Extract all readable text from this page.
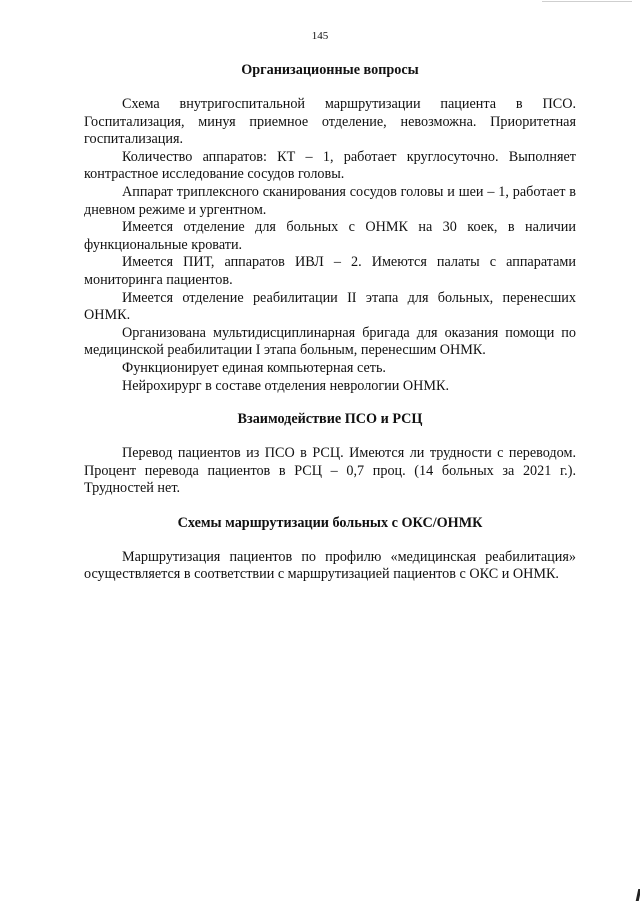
145
Организационные вопросы

Схема внутригоспитальной маршрутизации пациента в ПСО. Госпитализация, минуя приемное отделение, невозможна. Приоритетная госпитализация.

Количество аппаратов: КТ – 1, работает круглосуточно. Выполняет контрастное исследование сосудов головы.

Аппарат триплексного сканирования сосудов головы и шеи – 1, работает в дневном режиме и ургентном.

Имеется отделение для больных с ОНМК на 30 коек, в наличии функциональные кровати.

Имеется ПИТ, аппаратов ИВЛ – 2. Имеются палаты с аппаратами мониторинга пациентов.

Имеется отделение реабилитации II этапа для больных, перенесших ОНМК.

Организована мультидисциплинарная бригада для оказания помощи по медицинской реабилитации I этапа больным, перенесшим ОНМК.

Функционирует единая компьютерная сеть.

Нейрохирург в составе отделения неврологии ОНМК.

Взаимодействие ПСО и РСЦ

Перевод пациентов из ПСО в РСЦ. Имеются ли трудности с переводом. Процент перевода пациентов в РСЦ – 0,7 проц. (14 больных за 2021 г.). Трудностей нет.

Схемы маршрутизации больных с ОКС/ОНМК

Маршрутизация пациентов по профилю «медицинская реабилитация» осуществляется в соответствии с маршрутизацией пациентов с ОКС и ОНМК.
